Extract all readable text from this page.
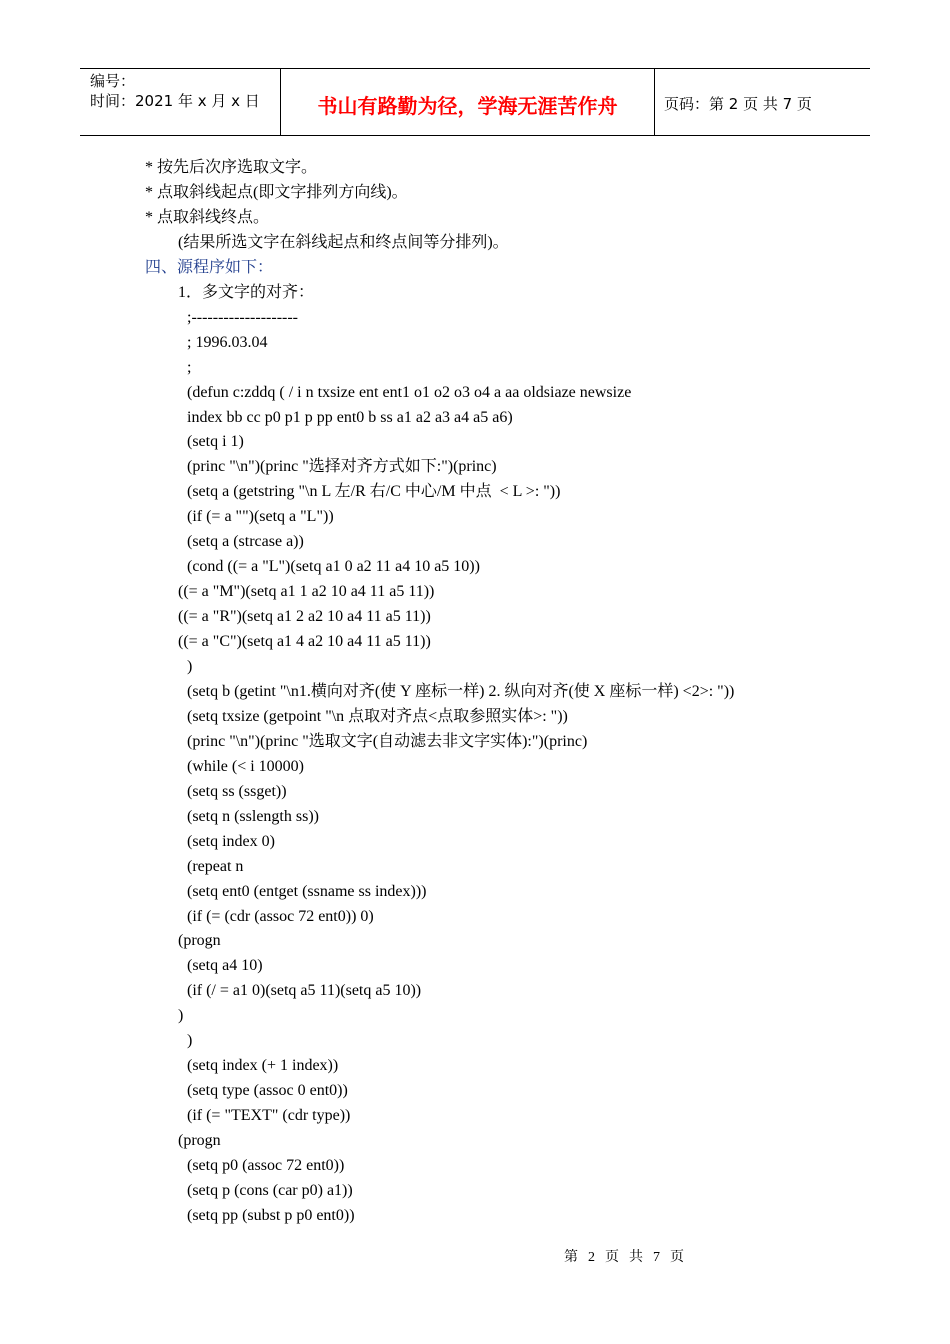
编号：
时间：2021 年 x 月 x 日	书山有路勤为径，学海无涯苦作舟	页码：第 2 页 共 7 页
* 按先后次序选取文字。
* 点取斜线起点(即文字排列方向线)。
* 点取斜线终点。
(结果所选文字在斜线起点和终点间等分排列)。
四、源程序如下：
1．多文字的对齐：
;--------------------
; 1996.03.04
;
(defun c:zddq ( / i n txsize ent ent1 o1 o2 o3 o4 a aa oldsiaze newsize
index bb cc p0 p1 p pp ent0 b ss a1 a2 a3 a4 a5 a6)
(setq i 1)
(princ "\n")(princ "选择对齐方式如下:")(princ)
(setq a (getstring "\n L 左/R 右/C 中心/M 中点  < L >: "))
(if (= a "")(setq a "L"))
(setq a (strcase a))
(cond ((= a "L")(setq a1 0 a2 11 a4 10 a5 10))
((= a "M")(setq a1 1 a2 10 a4 11 a5 11))
((= a "R")(setq a1 2 a2 10 a4 11 a5 11))
((= a "C")(setq a1 4 a2 10 a4 11 a5 11))
)
(setq b (getint "\n1.横向对齐(使 Y 座标一样) 2. 纵向对齐(使 X 座标一样) <2>: "))
(setq txsize (getpoint "\n 点取对齐点<点取参照实体>: "))
(princ "\n")(princ "选取文字(自动滤去非文字实体):")(princ)
(while (< i 10000)
(setq ss (ssget))
(setq n (sslength ss))
(setq index 0)
(repeat n
(setq ent0 (entget (ssname ss index)))
(if (= (cdr (assoc 72 ent0)) 0)
(progn
(setq a4 10)
(if (/ = a1 0)(setq a5 11)(setq a5 10))
)
)
(setq index (+ 1 index))
(setq type (assoc 0 ent0))
(if (= "TEXT" (cdr type))
(progn
(setq p0 (assoc 72 ent0))
(setq p (cons (car p0) a1))
(setq pp (subst p p0 ent0))
第  2  页  共  7  页
